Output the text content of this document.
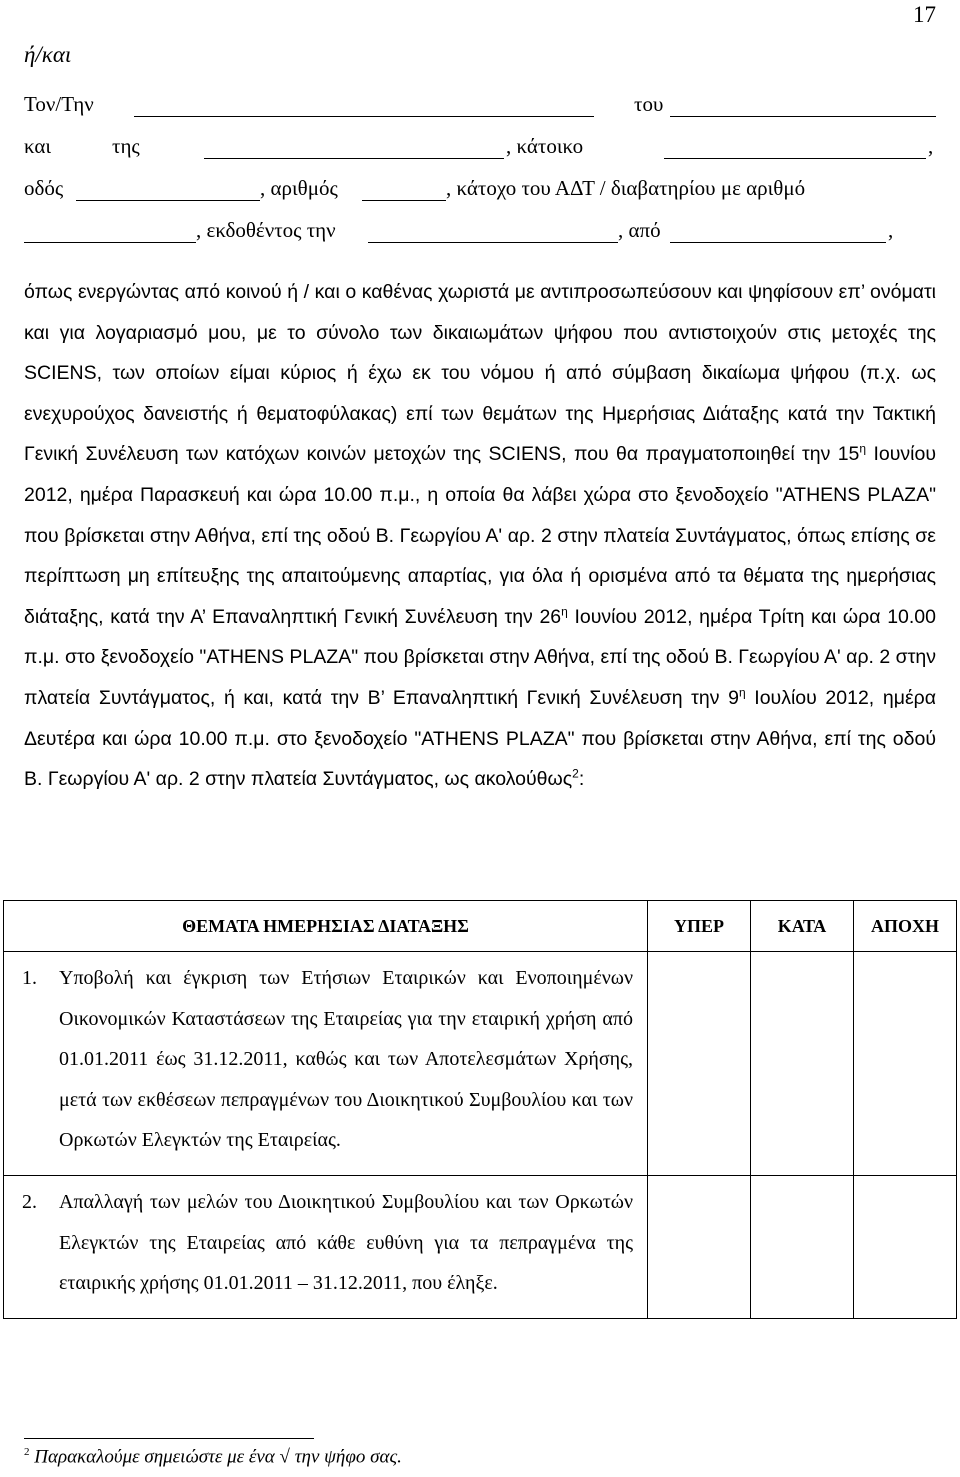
17
ή/και
Τον/Την	του
και	της	, κάτοικο	,
οδός	, αριθμός	, κάτοχο του ΑΔΤ / διαβατηρίου με αριθμό
, εκδοθέντος την	, από	,
όπως ενεργώντας από κοινού ή / και ο καθένας χωριστά με αντιπροσωπεύσουν και ψηφίσουν επ’ ονόματι και για λογαριασμό μου, με το σύνολο των δικαιωμάτων ψήφου που αντιστοιχούν στις μετοχές της SCIENS, των οποίων είμαι κύριος ή έχω εκ του νόμου ή από σύμβαση δικαίωμα ψήφου (π.χ. ως ενεχυρούχος δανειστής ή θεματοφύλακας) επί των θεμάτων της Ημερήσιας Διάταξης κατά την Τακτική Γενική Συνέλευση των κατόχων κοινών μετοχών της SCIENS, που θα πραγματοποιηθεί την $15^\eta$ Ιουνίου 2012, ημέρα Παρασκευή και ώρα 10.00 π.μ., η οποία θα λάβει χώρα στο ξενοδοχείο "ATHENS PLAZA" που βρίσκεται στην Αθήνα, επί της οδού Β. Γεωργίου Α' αρ. 2 στην πλατεία Συντάγματος, όπως επίσης σε περίπτωση μη επίτευξης της απαιτούμενης απαρτίας, για όλα ή ορισμένα από τα θέματα της ημερήσιας διάταξης, κατά την Α’ Επαναληπτική Γενική Συνέλευση την $26^\eta$ Ιουνίου 2012, ημέρα Τρίτη και ώρα 10.00 π.μ. στο ξενοδοχείο "ATHENS PLAZA" που βρίσκεται στην Αθήνα, επί της οδού Β. Γεωργίου Α' αρ. 2 στην πλατεία Συντάγματος, ή και, κατά την Β’ Επαναληπτική Γενική Συνέλευση την $9^\eta$ Ιουλίου 2012, ημέρα Δευτέρα και ώρα 10.00 π.μ. στο ξενοδοχείο "ATHENS PLAZA" που βρίσκεται στην Αθήνα, επί της οδού Β. Γεωργίου Α' αρ. 2 στην πλατεία Συντάγματος, ως ακολούθως$^2$:
ΘΕΜΑΤΑ ΗΜΕΡΗΣΙΑΣ ΔΙΑΤΑΞΗΣ	ΥΠΕΡ	ΚΑΤΑ	ΑΠΟΧΗ

1. Υποβολή και έγκριση των Ετήσιων Εταιρικών και Ενοποιημένων Οικονομικών Καταστάσεων της Εταιρείας για την εταιρική χρήση από 01.01.2011 έως 31.12.2011, καθώς και των Αποτελεσμάτων Χρήσης, μετά των εκθέσεων πεπραγμένων του Διοικητικού Συμβουλίου και των Ορκωτών Ελεγκτών της Εταιρείας.			

2. Απαλλαγή των μελών του Διοικητικού Συμβουλίου και των Ορκωτών Ελεγκτών της Εταιρείας από κάθε ευθύνη για τα πεπραγμένα της εταιρικής χρήσης 01.01.2011 – 31.12.2011, που έληξε.			

$^2$ Παρακαλούμε σημειώστε με ένα √ την ψήφο σας.
